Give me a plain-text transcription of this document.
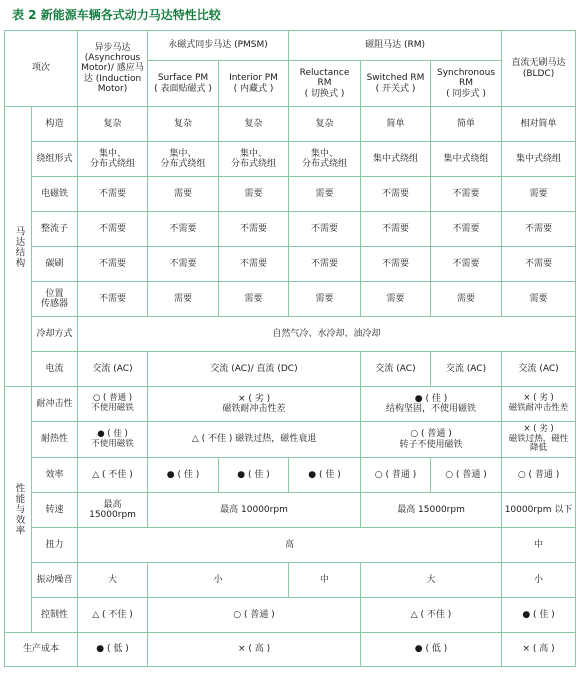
表 2 新能源车辆各式动力马达特性比较
项次		异步马达
(Asynchrous
Motor)/ 感应马
达 (Induction
Motor)	永磁式同步马达 (PMSM)		磁阻马达 (RM)			直流无刷马达
(BLDC)
			Surface PM
( 表面贴磁式 )	Interior PM
( 内藏式 )	Reluctance
RM
( 切换式 )	Switched RM
( 开关式 )	Synchronous
RM
( 同步式 )	
马达结构	构造	复杂	复杂	复杂	复杂	简单	简单	相对简单
	绕组形式	集中、
分布式绕组	集中、
分布式绕组	集中、
分布式绕组	集中、
分布式绕组	集中式绕组	集中式绕组	集中式绕组
	电磁铁	不需要	需要	需要	需要	不需要	不需要	需要
	整流子	不需要	不需要	不需要	不需要	不需要	不需要	不需要
	碳刷	不需要	不需要	不需要	不需要	不需要	不需要	不需要
	位置
传感器	不需要	需要	需要	需要	需要	需要	需要
	冷却方式	自然气冷、水冷却、油冷却						
	电流	交流 (AC)	交流 (AC)/ 直流 (DC)			交流 (AC)	交流 (AC)	交流 (AC)
性能与效率	耐冲击性	○ ( 普通 )
不使用磁铁	× ( 劣 )
磁铁耐冲击性差			● ( 佳 )
结构坚固，不使用磁铁		× ( 劣 )
磁铁耐冲击性差
	耐热性	● ( 佳 )
不使用磁铁	△ ( 不佳 ) 磁铁过热，磁性衰退			○ ( 普通 )
转子不使用磁铁		× ( 劣 )
磁铁过热，磁性
降低
	效率	△ ( 不佳 )	● ( 佳 )	● ( 佳 )	● ( 佳 )	○ ( 普通 )	○ ( 普通 )	○ ( 普通 )
	转速	最高 15000rpm	最高 10000rpm			最高 15000rpm		10000rpm 以下
	扭力	高						中
	振动噪音	大	小		中	大		小
	控制性	△ ( 不佳 )	○ ( 普通 )			△ ( 不佳 )		● ( 佳 )
生产成本		● ( 低 )	× ( 高 )			● ( 低 )		× ( 高 )
